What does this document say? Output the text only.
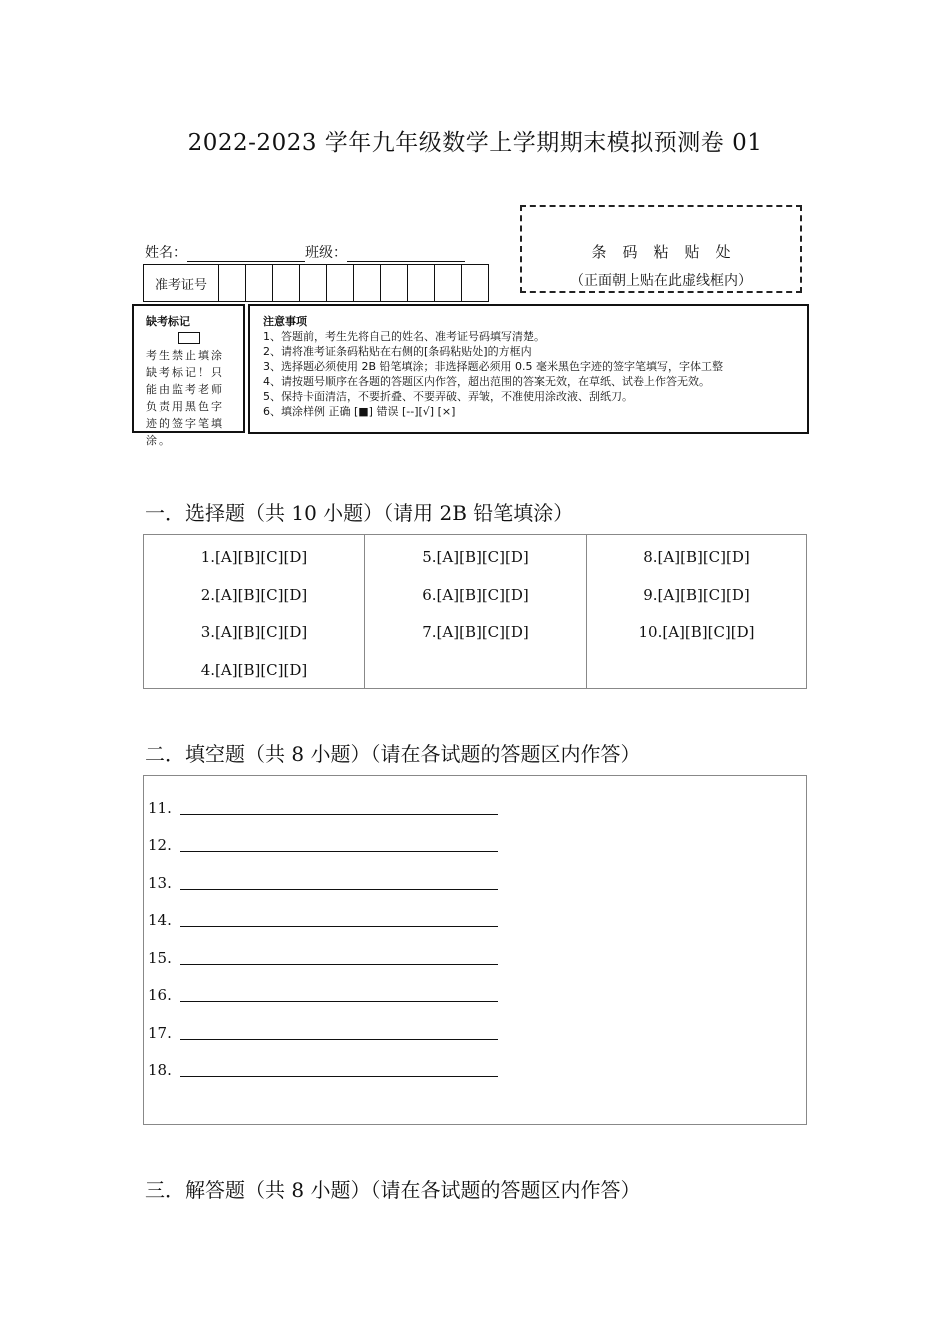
2022-2023 学年九年级数学上学期期末模拟预测卷 01
姓名：	班级：
准考证号
条码粘贴处
（正面朝上贴在此虚线框内）
缺考标记
考生禁止填涂缺考标记！只能由监考老师负责用黑色字迹的签字笔填涂。
注意事项
1、答题前，考生先将自己的姓名、准考证号码填写清楚。
2、请将准考证条码粘贴在右侧的[条码粘贴处]的方框内
3、选择题必须使用 2B 铅笔填涂；非选择题必须用 0.5 毫米黑色字迹的签字笔填写，字体工整
4、请按题号顺序在各题的答题区内作答，超出范围的答案无效，在草纸、试卷上作答无效。
5、保持卡面清洁，不要折叠、不要弄破、弄皱，不准使用涂改液、刮纸刀。
6、填涂样例 正确 [■] 错误 [--][√] [×]
一．选择题（共 10 小题）（请用 2B 铅笔填涂）
1.[A][B][C][D]
2.[A][B][C][D]
3.[A][B][C][D]
4.[A][B][C][D]
5.[A][B][C][D]
6.[A][B][C][D]
7.[A][B][C][D]
8.[A][B][C][D]
9.[A][B][C][D]
10.[A][B][C][D]
二．填空题（共 8 小题）（请在各试题的答题区内作答）
11.
12.
13.
14.
15.
16.
17.
18.
三．解答题（共 8 小题）（请在各试题的答题区内作答）
